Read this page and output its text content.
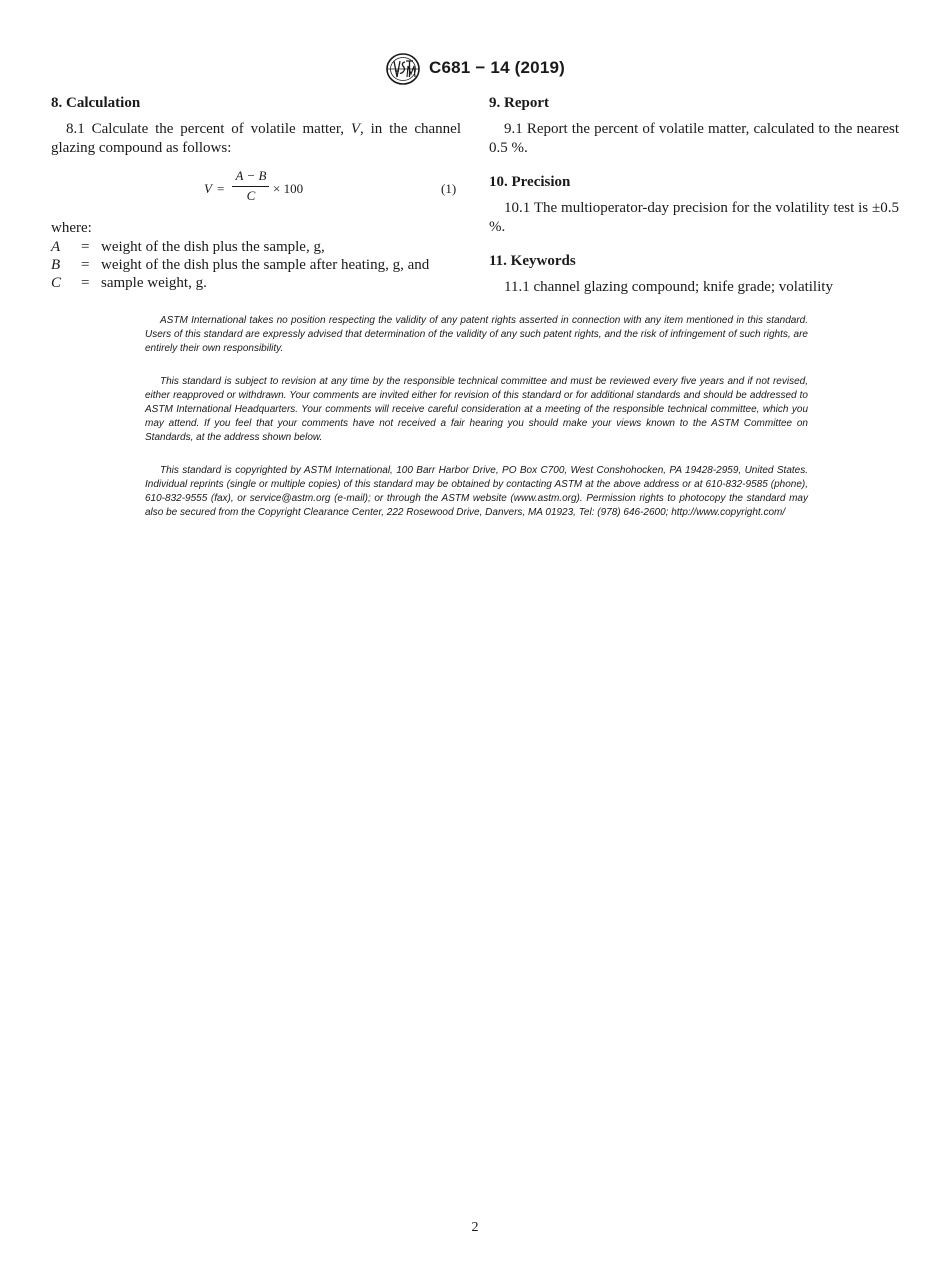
C681 − 14 (2019)
8. Calculation

8.1 Calculate the percent of volatile matter, V, in the channel glazing compound as follows:

V =
A − B
C	× 100	(1)
where:
A = weight of the dish plus the sample, g,
B = weight of the dish plus the sample after heating, g, and
C = sample weight, g.
9. Report

9.1 Report the percent of volatile matter, calculated to the nearest 0.5 %.

10. Precision

10.1 The multioperator-day precision for the volatility test is ±0.5 %.

11. Keywords

11.1 channel glazing compound; knife grade; volatility

ASTM International takes no position respecting the validity of any patent rights asserted in connection with any item mentioned in this standard. Users of this standard are expressly advised that determination of the validity of any such patent rights, and the risk of infringement of such rights, are entirely their own responsibility.

This standard is subject to revision at any time by the responsible technical committee and must be reviewed every five years and if not revised, either reapproved or withdrawn. Your comments are invited either for revision of this standard or for additional standards and should be addressed to ASTM International Headquarters. Your comments will receive careful consideration at a meeting of the responsible technical committee, which you may attend. If you feel that your comments have not received a fair hearing you should make your views known to the ASTM Committee on Standards, at the address shown below.

This standard is copyrighted by ASTM International, 100 Barr Harbor Drive, PO Box C700, West Conshohocken, PA 19428-2959, United States. Individual reprints (single or multiple copies) of this standard may be obtained by contacting ASTM at the above address or at 610-832-9585 (phone), 610-832-9555 (fax), or service@astm.org (e-mail); or through the ASTM website (www.astm.org). Permission rights to photocopy the standard may also be secured from the Copyright Clearance Center, 222 Rosewood Drive, Danvers, MA 01923, Tel: (978) 646-2600; http://www.copyright.com/

2
